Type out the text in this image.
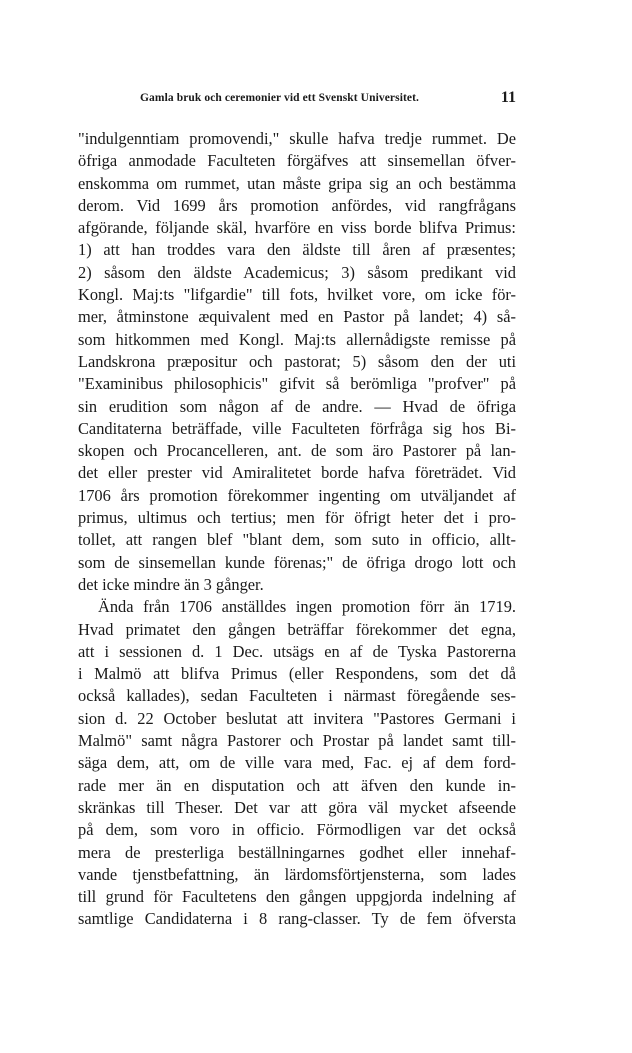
Gamla bruk och ceremonier vid ett Svenskt Universitet.	11
"indulgenntiam promovendi," skulle hafva tredje rummet. De
öfriga anmodade Faculteten förgäfves att sinsemellan öfver-
enskomma om rummet, utan måste gripa sig an och bestämma
derom. Vid 1699 års promotion anfördes, vid rangfrågans
afgörande, följande skäl, hvarföre en viss borde blifva Primus:
1) att han troddes vara den äldste till åren af præsentes;
2) såsom den äldste Academicus; 3) såsom predikant vid
Kongl. Maj:ts "lifgardie" till fots, hvilket vore, om icke för-
mer, åtminstone æquivalent med en Pastor på landet; 4) så-
som hitkommen med Kongl. Maj:ts allernådigste remisse på
Landskrona præpositur och pastorat; 5) såsom den der uti
"Examinibus philosophicis" gifvit så berömliga "profver" på
sin erudition som någon af de andre. — Hvad de öfriga
Canditaterna beträffade, ville Faculteten förfråga sig hos Bi-
skopen och Procancelleren, ant. de som äro Pastorer på lan-
det eller prester vid Amiralitetet borde hafva företrädet. Vid
1706 års promotion förekommer ingenting om utväljandet af
primus, ultimus och tertius; men för öfrigt heter det i pro-
tollet, att rangen blef "blant dem, som suto in officio, allt-
som de sinsemellan kunde förenas;" de öfriga drogo lott och
det icke mindre än 3 gånger.
Ända från 1706 anställdes ingen promotion förr än 1719.
Hvad primatet den gången beträffar förekommer det egna,
att i sessionen d. 1 Dec. utsägs en af de Tyska Pastorerna
i Malmö att blifva Primus (eller Respondens, som det då
också kallades), sedan Faculteten i närmast föregående ses-
sion d. 22 October beslutat att invitera "Pastores Germani i
Malmö" samt några Pastorer och Prostar på landet samt till-
säga dem, att, om de ville vara med, Fac. ej af dem ford-
rade mer än en disputation och att äfven den kunde in-
skränkas till Theser. Det var att göra väl mycket afseende
på dem, som voro in officio. Förmodligen var det också
mera de presterliga beställningarnes godhet eller innehaf-
vande tjenstbefattning, än lärdomsförtjensterna, som lades
till grund för Facultetens den gången uppgjorda indelning af
samtlige Candidaterna i 8 rang-classer. Ty de fem öfversta
